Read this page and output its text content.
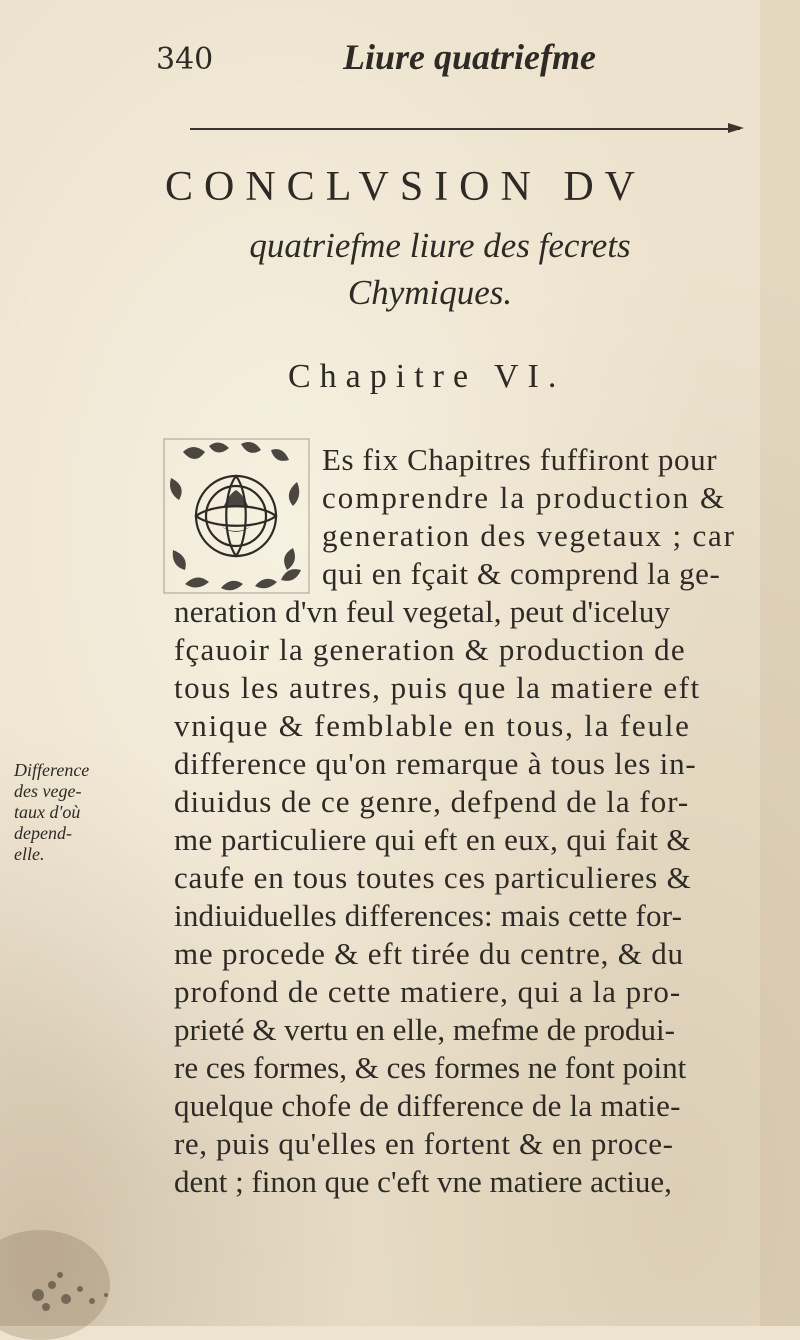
340	Liure quatriefme
CONCLVSION DV
quatriefme liure des fecrets
Chymiques.
Chapitre VI.
Es fix Chapitres fuffiront pour
comprendre la production &
generation des vegetaux ; car
qui en fçait & comprend la ge-
neration d'vn feul vegetal, peut d'iceluy
fçauoir la generation & production de
tous les autres, puis que la matiere eft
vnique & femblable en tous, la feule
difference qu'on remarque à tous les in-
diuidus de ce genre, defpend de la for-
me particuliere qui eft en eux, qui fait &
caufe en tous toutes ces particulieres &
indiuiduelles differences: mais cette for-
me procede & eft tirée du centre, & du
profond de cette matiere, qui a la pro-
prieté & vertu en elle, mefme de produi-
re ces formes, & ces formes ne font point
quelque chofe de difference de la matie-
re, puis qu'elles en fortent & en proce-
dent ; finon que c'eft vne matiere actiue,
Difference
des vege-
taux d'où
depend-
elle.
